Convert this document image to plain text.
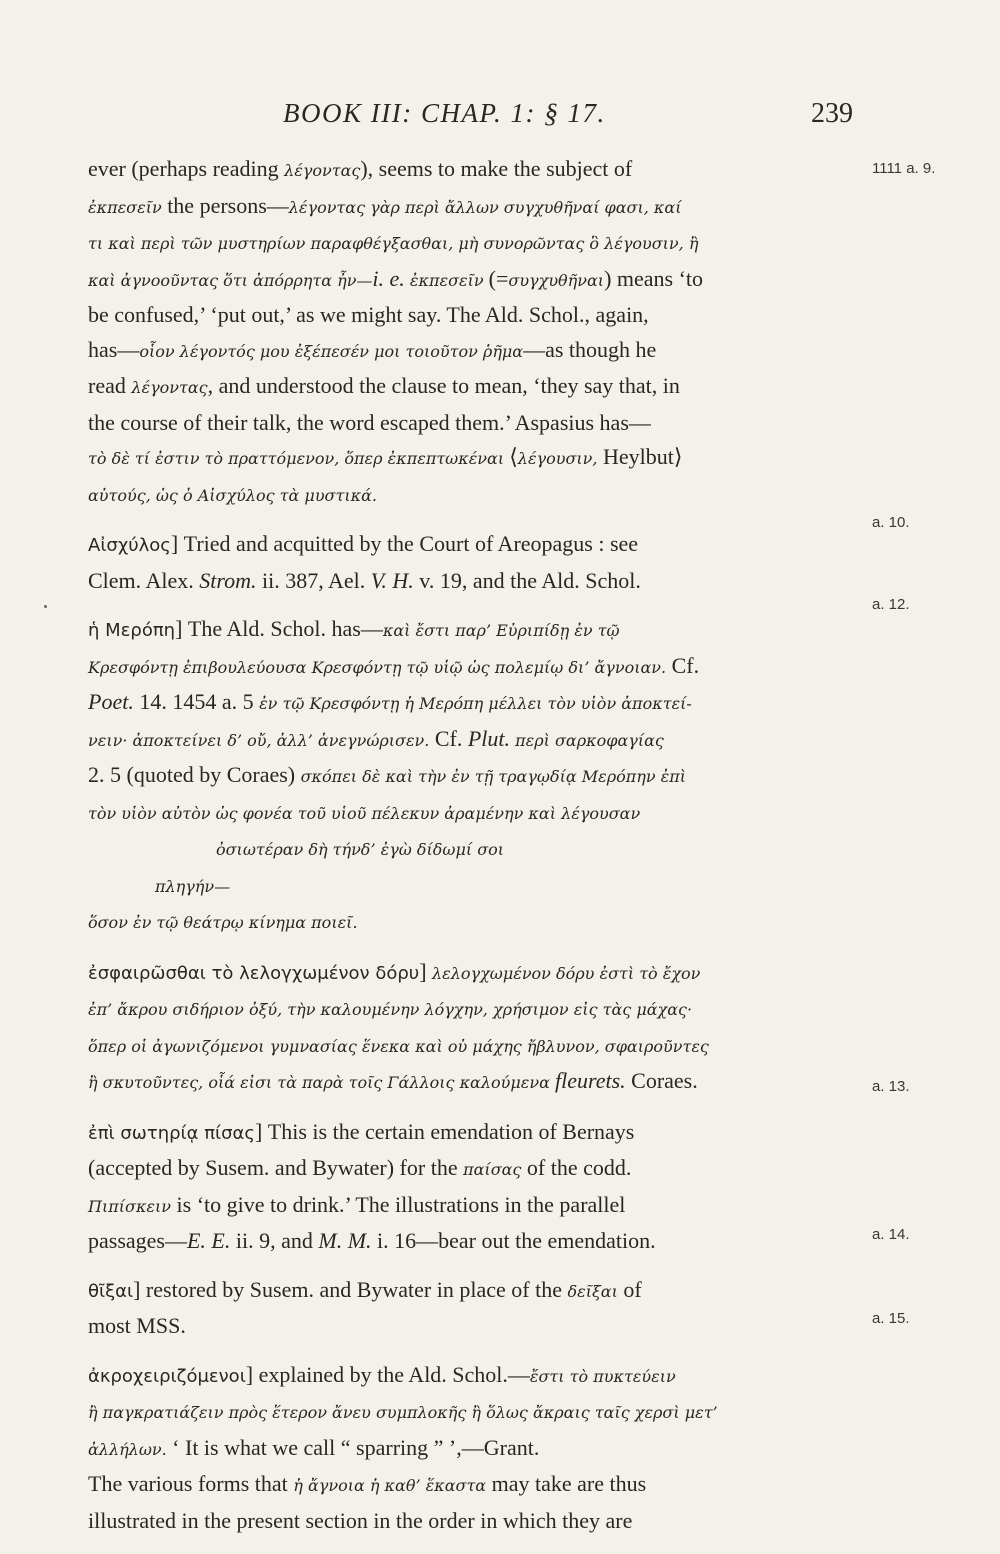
BOOK III: CHAP. 1: § 17.	239

ever (perhaps reading λέγοντας), seems to make the subject of

ἐκπεσεῖν the persons—λέγοντας γὰρ περὶ ἄλλων συγχυθῆναί φασι, καί

τι καὶ περὶ τῶν μυστηρίων παραφθέγξασθαι, μὴ συνορῶντας ὃ λέγουσιν, ἢ

καὶ ἀγνοοῦντας ὅτι ἀπόρρητα ἦν—i. e. ἐκπεσεῖν (=συγχυθῆναι) means ‘to

be confused,’ ‘put out,’ as we might say. The Ald. Schol., again,

has—οἷον λέγοντός μου ἐξέπεσέν μοι τοιοῦτον ῥῆμα—as though he

read λέγοντας, and understood the clause to mean, ‘they say that, in

the course of their talk, the word escaped them.’ Aspasius has—

τὸ δὲ τί ἐστιν τὸ πραττόμενον, ὅπερ ἐκπεπτωκέναι ⟨λέγουσιν, Heylbut⟩

αὐτούς, ὡς ὁ Αἰσχύλος τὰ μυστικά.

Αἰσχύλος] Tried and acquitted by the Court of Areopagus : see

Clem. Alex. Strom. ii. 387, Ael. V. H. v. 19, and the Ald. Schol.

ἡ Μερόπη] The Ald. Schol. has—καὶ ἔστι παρ’ Εὐριπίδῃ ἐν τῷ

Κρεσφόντῃ ἐπιβουλεύουσα Κρεσφόντῃ τῷ υἱῷ ὡς πολεμίῳ δι’ ἄγνοιαν. Cf.

Poet. 14. 1454 a. 5 ἐν τῷ Κρεσφόντῃ ἡ Μερόπη μέλλει τὸν υἱὸν ἀποκτεί-

νειν· ἀποκτείνει δ’ οὔ, ἀλλ’ ἀνεγνώρισεν. Cf. Plut. περὶ σαρκοφαγίας

2. 5 (quoted by Coraes) σκόπει δὲ καὶ τὴν ἐν τῇ τραγῳδίᾳ Μερόπην ἐπὶ

τὸν υἱὸν αὐτὸν ὡς φονέα τοῦ υἱοῦ πέλεκυν ἀραμένην καὶ λέγουσαν

ὀσιωτέραν δὴ τήνδ’ ἐγὼ δίδωμί σοι

πληγήν—

ὅσον ἐν τῷ θεάτρῳ κίνημα ποιεῖ.

ἐσφαιρῶσθαι τὸ λελογχωμένον δόρυ] λελογχωμένον δόρυ ἐστὶ τὸ ἔχον

ἐπ’ ἄκρου σιδήριον ὀξύ, τὴν καλουμένην λόγχην, χρήσιμον εἰς τὰς μάχας·

ὅπερ οἱ ἀγωνιζόμενοι γυμνασίας ἕνεκα καὶ οὐ μάχης ἤβλυνον, σφαιροῦντες

ἢ σκυτοῦντες, οἷά εἰσι τὰ παρὰ τοῖς Γάλλοις καλούμενα fleurets. Coraes.

ἐπὶ σωτηρίᾳ πίσας] This is the certain emendation of Bernays

(accepted by Susem. and Bywater) for the παίσας of the codd.

Πιπίσκειν is ‘to give to drink.’ The illustrations in the parallel

passages—E. E. ii. 9, and M. M. i. 16—bear out the emendation.

θῖξαι] restored by Susem. and Bywater in place of the δεῖξαι of

most MSS.

ἀκροχειριζόμενοι] explained by the Ald. Schol.—ἔστι τὸ πυκτεύειν

ἢ παγκρατιάζειν πρὸς ἕτερον ἄνευ συμπλοκῆς ἢ ὅλως ἄκραις ταῖς χερσὶ μετ’

ἀλλήλων. ‘ It is what we call “ sparring ” ’,—Grant.

The various forms that ἡ ἄγνοια ἡ καθ’ ἕκαστα may take are thus

illustrated in the present section in the order in which they are

1111 a. 9.
a. 10.
a. 12.
a. 13.
a. 14.
a. 15.
